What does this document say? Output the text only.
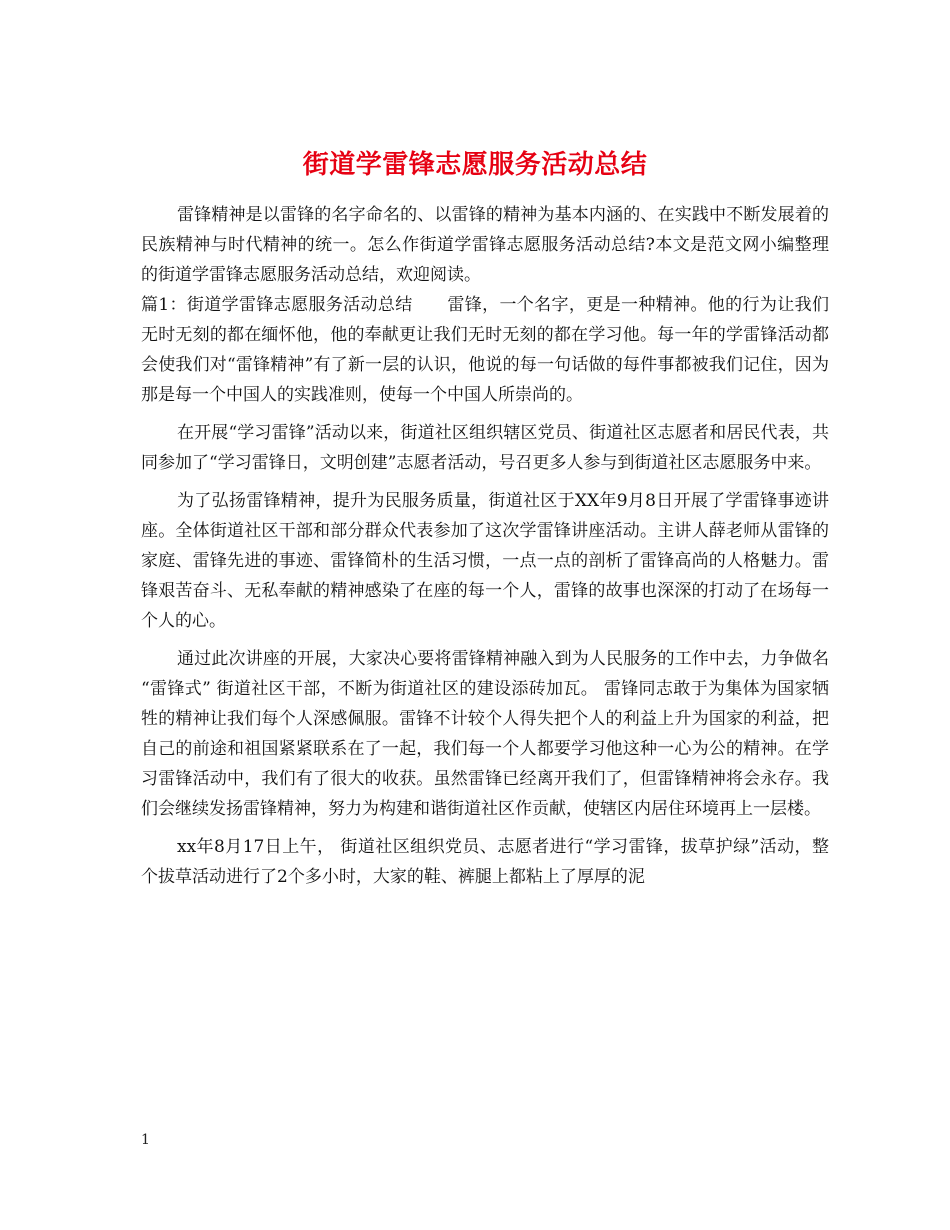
街道学雷锋志愿服务活动总结

雷锋精神是以雷锋的名字命名的、以雷锋的精神为基本内涵的、在实践中不断发展着的民族精神与时代精神的统一。怎么作街道学雷锋志愿服务活动总结?本文是范文网小编整理的街道学雷锋志愿服务活动总结，欢迎阅读。

篇1：街道学雷锋志愿服务活动总结　　雷锋，一个名字，更是一种精神。他的行为让我们无时无刻的都在缅怀他，他的奉献更让我们无时无刻的都在学习他。每一年的学雷锋活动都会使我们对“雷锋精神”有了新一层的认识，他说的每一句话做的每件事都被我们记住，因为那是每一个中国人的实践准则，使每一个中国人所崇尚的。

在开展“学习雷锋”活动以来，街道社区组织辖区党员、街道社区志愿者和居民代表，共同参加了“学习雷锋日，文明创建”志愿者活动，号召更多人参与到街道社区志愿服务中来。

为了弘扬雷锋精神，提升为民服务质量，街道社区于XX年9月8日开展了学雷锋事迹讲座。全体街道社区干部和部分群众代表参加了这次学雷锋讲座活动。主讲人薛老师从雷锋的家庭、雷锋先进的事迹、雷锋简朴的生活习惯，一点一点的剖析了雷锋高尚的人格魅力。雷锋艰苦奋斗、无私奉献的精神感染了在座的每一个人，雷锋的故事也深深的打动了在场每一个人的心。

通过此次讲座的开展，大家决心要将雷锋精神融入到为人民服务的工作中去，力争做名 “雷锋式” 街道社区干部，不断为街道社区的建设添砖加瓦。 雷锋同志敢于为集体为国家牺牲的精神让我们每个人深感佩服。雷锋不计较个人得失把个人的利益上升为国家的利益，把自己的前途和祖国紧紧联系在了一起，我们每一个人都要学习他这种一心为公的精神。在学习雷锋活动中，我们有了很大的收获。虽然雷锋已经离开我们了，但雷锋精神将会永存。我们会继续发扬雷锋精神，努力为构建和谐街道社区作贡献，使辖区内居住环境再上一层楼。

xx年8月17日上午， 街道社区组织党员、志愿者进行“学习雷锋，拔草护绿”活动，整个拔草活动进行了2个多小时，大家的鞋、裤腿上都粘上了厚厚的泥

1
